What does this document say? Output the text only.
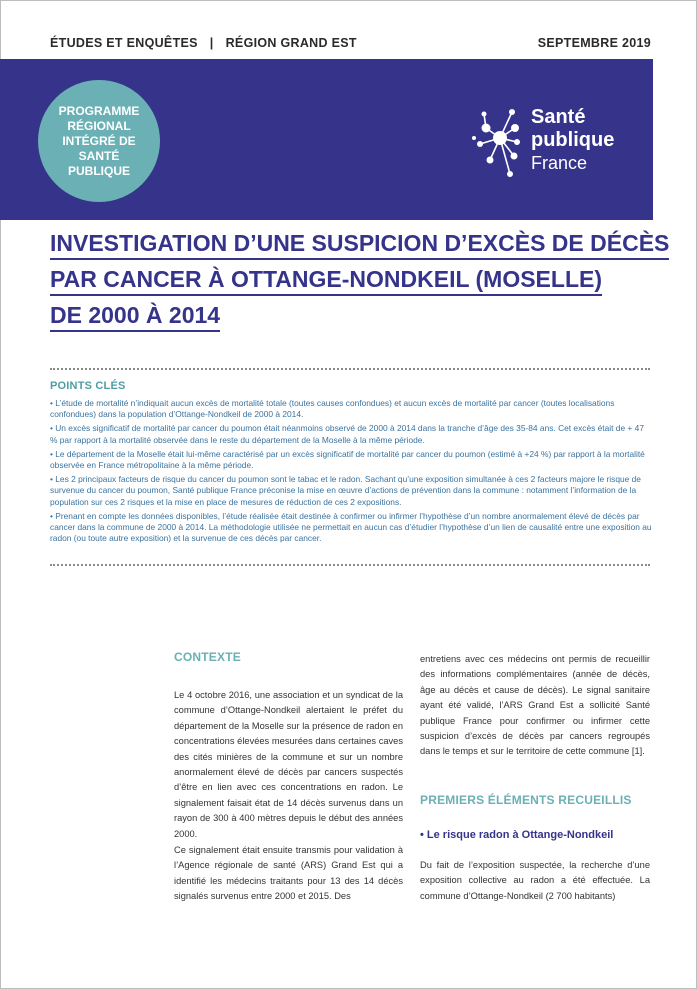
ÉTUDES ET ENQUÊTES | RÉGION GRAND EST	SEPTEMBRE 2019
PROGRAMME RÉGIONAL INTÉGRÉ DE SANTÉ PUBLIQUE
Santé
publique
France
INVESTIGATION D’UNE SUSPICION D’EXCÈS DE DÉCÈS
PAR CANCER À OTTANGE-NONDKEIL (MOSELLE)
DE 2000 À 2014
POINTS CLÉS
• L’étude de mortalité n’indiquait aucun excès de mortalité totale (toutes causes confondues) et aucun excès de mortalité par cancer (toutes localisations confondues) dans la population d’Ottange-Nondkeil de 2000 à 2014.
• Un excès significatif de mortalité par cancer du poumon était néanmoins observé de 2000 à 2014 dans la tranche d’âge des 35-84 ans. Cet excès était de + 47 % par rapport à la mortalité observée dans le reste du département de la Moselle à la même période.
• Le département de la Moselle était lui-même caractérisé par un excès significatif de mortalité par cancer du poumon (estimé à +24 %) par rapport à la mortalité observée en France métropolitaine à la même période.
• Les 2 principaux facteurs de risque du cancer du poumon sont le tabac et le radon. Sachant qu’une exposition simultanée à ces 2 facteurs majore le risque de survenue du cancer du poumon, Santé publique France préconise la mise en œuvre d’actions de prévention dans la commune : notamment l’information de la population sur ces 2 risques et la mise en place de mesures de réduction de ces 2 expositions.
• Prenant en compte les données disponibles, l’étude réalisée était destinée à confirmer ou infirmer l’hypothèse d’un nombre anormalement élevé de décès par cancer dans la commune de 2000 à 2014. La méthodologie utilisée ne permettait en aucun cas d’étudier l’hypothèse d’un lien de causalité entre une exposition au radon (ou toute autre exposition) et la survenue de ces décès par cancer.
CONTEXTE

Le 4 octobre 2016, une association et un syndicat de la commune d’Ottange-Nondkeil alertaient le préfet du département de la Moselle sur la présence de radon en concentrations élevées mesurées dans certaines caves des cités minières de la commune et sur un nombre anormalement élevé de décès par cancers suspectés d’être en lien avec ces concentrations en radon. Le signalement faisait état de 14 décès survenus dans un rayon de 300 à 400 mètres depuis le début des années 2000.

Ce signalement était ensuite transmis pour validation à l’Agence régionale de santé (ARS) Grand Est qui a identifié les médecins traitants pour 13 des 14 décès signalés survenus entre 2000 et 2015. Des

entretiens avec ces médecins ont permis de recueillir des informations complémentaires (année de décès, âge au décès et cause de décès). Le signal sanitaire ayant été validé, l’ARS Grand Est a sollicité Santé publique France pour confirmer ou infirmer cette suspicion d’excès de décès par cancers regroupés dans le temps et sur le territoire de cette commune [1].

PREMIERS ÉLÉMENTS RECUEILLIS
• Le risque radon à Ottange-Nondkeil

Du fait de l’exposition suspectée, la recherche d’une exposition collective au radon a été effectuée. La commune d’Ottange-Nondkeil (2 700 habitants)
